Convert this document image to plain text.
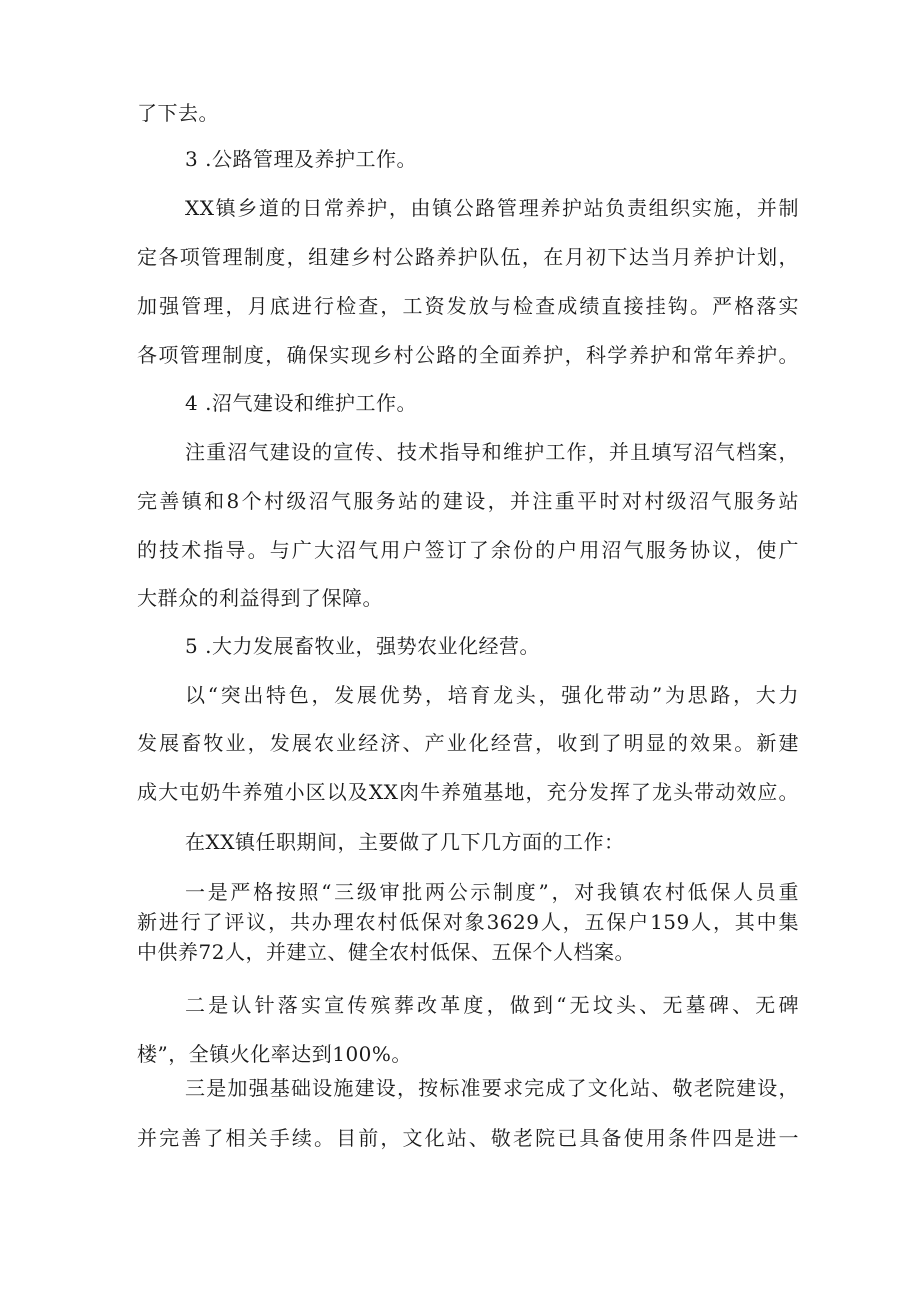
了下去。
3 .公路管理及养护工作。
XX镇乡道的日常养护，由镇公路管理养护站负责组织实施，并制
定各项管理制度，组建乡村公路养护队伍，在月初下达当月养护计划，
加强管理，月底进行检查，工资发放与检查成绩直接挂钩。严格落实
各项管理制度，确保实现乡村公路的全面养护，科学养护和常年养护。
4 .沼气建设和维护工作。
注重沼气建设的宣传、技术指导和维护工作，并且填写沼气档案，
完善镇和8个村级沼气服务站的建设，并注重平时对村级沼气服务站
的技术指导。与广大沼气用户签订了余份的户用沼气服务协议，使广
大群众的利益得到了保障。
5 .大力发展畜牧业，强势农业化经营。
以“突出特色，发展优势，培育龙头，强化带动”为思路，大力
发展畜牧业，发展农业经济、产业化经营，收到了明显的效果。新建
成大屯奶牛养殖小区以及XX肉牛养殖基地，充分发挥了龙头带动效应。
在XX镇任职期间，主要做了几下几方面的工作：
一是严格按照“三级审批两公示制度”，对我镇农村低保人员重
新进行了评议，共办理农村低保对象3629人，五保户159人，其中集
中供养72人，并建立、健全农村低保、五保个人档案。
二是认针落实宣传殡葬改革度，做到“无坟头、无墓碑、无碑
楼”，全镇火化率达到100%。
三是加强基础设施建设，按标准要求完成了文化站、敬老院建设，
并完善了相关手续。目前，文化站、敬老院已具备使用条件四是进一
